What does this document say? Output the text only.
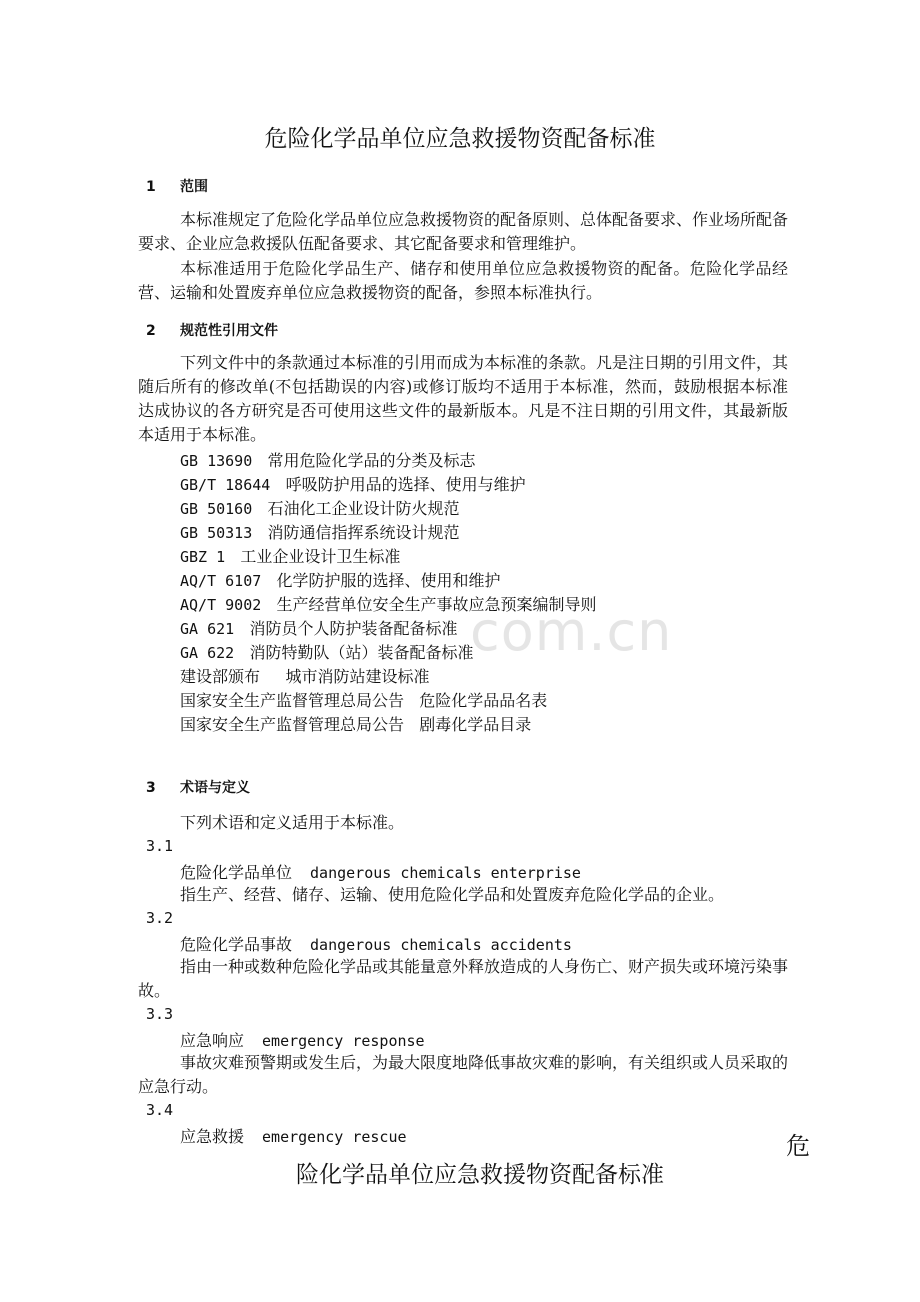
危险化学品单位应急救援物资配备标准
1 范围
本标准规定了危险化学品单位应急救援物资的配备原则、总体配备要求、作业场所配备要求、企业应急救援队伍配备要求、其它配备要求和管理维护。
本标准适用于危险化学品生产、储存和使用单位应急救援物资的配备。危险化学品经营、运输和处置废弃单位应急救援物资的配备，参照本标准执行。
2 规范性引用文件
下列文件中的条款通过本标准的引用而成为本标准的条款。凡是注日期的引用文件，其随后所有的修改单(不包括勘误的内容)或修订版均不适用于本标准，然而，鼓励根据本标准达成协议的各方研究是否可使用这些文件的最新版本。凡是不注日期的引用文件，其最新版本适用于本标准。
GB 13690 常用危险化学品的分类及标志
GB/T 18644 呼吸防护用品的选择、使用与维护
GB 50160 石油化工企业设计防火规范
GB 50313 消防通信指挥系统设计规范
GBZ 1 工业企业设计卫生标准
AQ/T 6107 化学防护服的选择、使用和维护
AQ/T 9002 生产经营单位安全生产事故应急预案编制导则
GA 621 消防员个人防护装备配备标准
GA 622 消防特勤队（站）装备配备标准
建设部颁布 城市消防站建设标准
国家安全生产监督管理总局公告 危险化学品品名表
国家安全生产监督管理总局公告 剧毒化学品目录
3 术语与定义
下列术语和定义适用于本标准。
3.1
危险化学品单位 dangerous chemicals enterprise
指生产、经营、储存、运输、使用危险化学品和处置废弃危险化学品的企业。
3.2
危险化学品事故 dangerous chemicals accidents
指由一种或数种危险化学品或其能量意外释放造成的人身伤亡、财产损失或环境污染事故。
3.3
应急响应 emergency response
事故灾难预警期或发生后，为最大限度地降低事故灾难的影响，有关组织或人员采取的应急行动。
3.4
应急救援 emergency rescue
com.cn
危
险化学品单位应急救援物资配备标准
